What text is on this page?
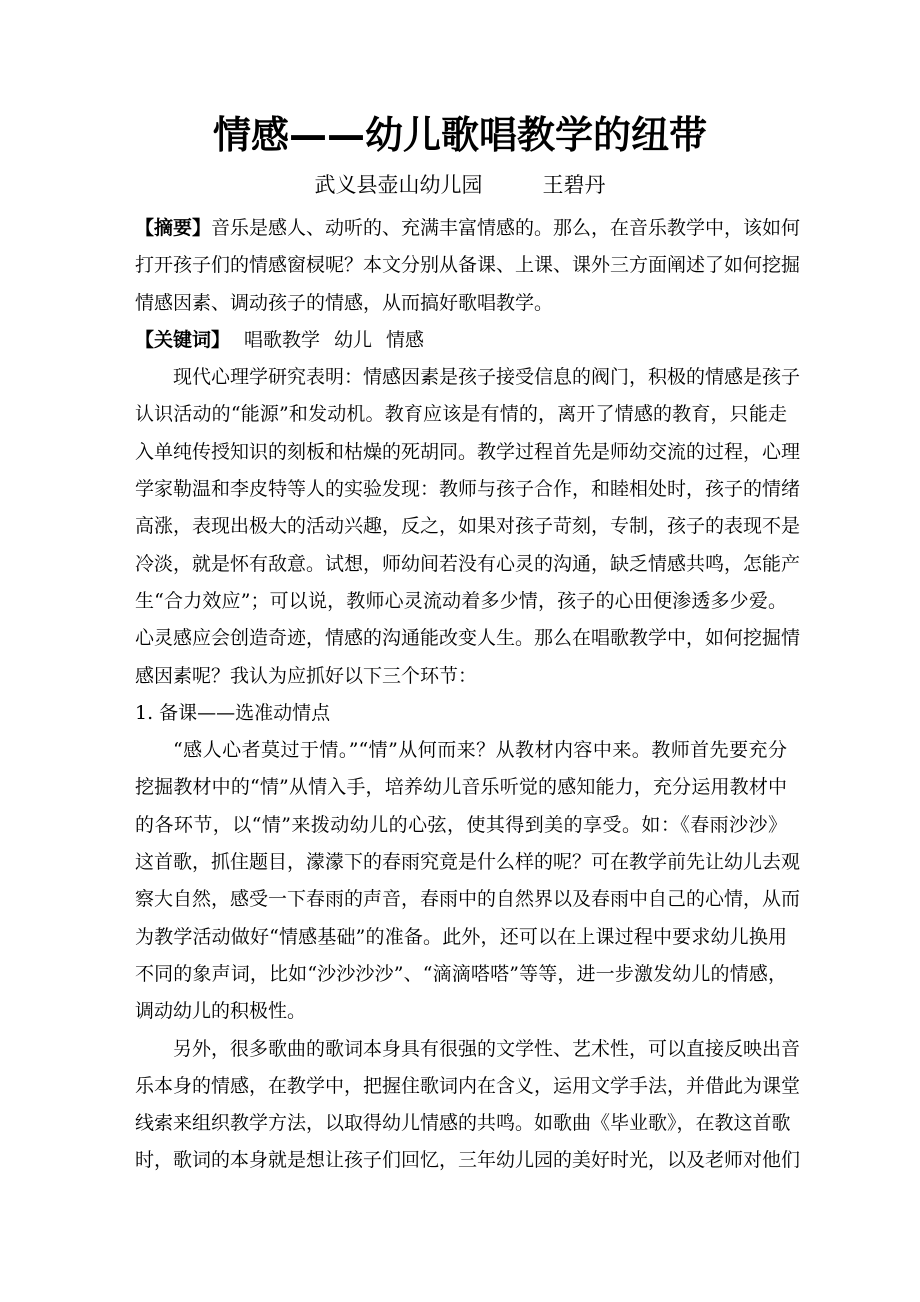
情感——幼儿歌唱教学的纽带
武义县壶山幼儿园	王碧丹
【摘要】音乐是感人、动听的、充满丰富情感的。那么，在音乐教学中，该如何
打开孩子们的情感窗棂呢？本文分别从备课、上课、课外三方面阐述了如何挖掘
情感因素、调动孩子的情感，从而搞好歌唱教学。
【关键词】 唱歌教学 幼儿 情感
现代心理学研究表明：情感因素是孩子接受信息的阀门，积极的情感是孩子
认识活动的“能源”和发动机。教育应该是有情的，离开了情感的教育，只能走
入单纯传授知识的刻板和枯燥的死胡同。教学过程首先是师幼交流的过程，心理
学家勒温和李皮特等人的实验发现：教师与孩子合作，和睦相处时，孩子的情绪
高涨，表现出极大的活动兴趣，反之，如果对孩子苛刻，专制，孩子的表现不是
冷淡，就是怀有敌意。试想，师幼间若没有心灵的沟通，缺乏情感共鸣，怎能产
生“合力效应”；可以说，教师心灵流动着多少情，孩子的心田便渗透多少爱。
心灵感应会创造奇迹，情感的沟通能改变人生。那么在唱歌教学中，如何挖掘情
感因素呢？我认为应抓好以下三个环节：
1. 备课——选准动情点
“感人心者莫过于情。”“情”从何而来？从教材内容中来。教师首先要充分
挖掘教材中的“情”从情入手，培养幼儿音乐听觉的感知能力，充分运用教材中
的各环节，以“情”来拨动幼儿的心弦，使其得到美的享受。如：《春雨沙沙》
这首歌，抓住题目，濛濛下的春雨究竟是什么样的呢？可在教学前先让幼儿去观
察大自然，感受一下春雨的声音，春雨中的自然界以及春雨中自己的心情，从而
为教学活动做好“情感基础”的准备。此外，还可以在上课过程中要求幼儿换用
不同的象声词，比如“沙沙沙沙”、“滴滴嗒嗒”等等，进一步激发幼儿的情感，
调动幼儿的积极性。
另外，很多歌曲的歌词本身具有很强的文学性、艺术性，可以直接反映出音
乐本身的情感，在教学中，把握住歌词内在含义，运用文学手法，并借此为课堂
线索来组织教学方法，以取得幼儿情感的共鸣。如歌曲《毕业歌》，在教这首歌
时，歌词的本身就是想让孩子们回忆，三年幼儿园的美好时光，以及老师对他们
